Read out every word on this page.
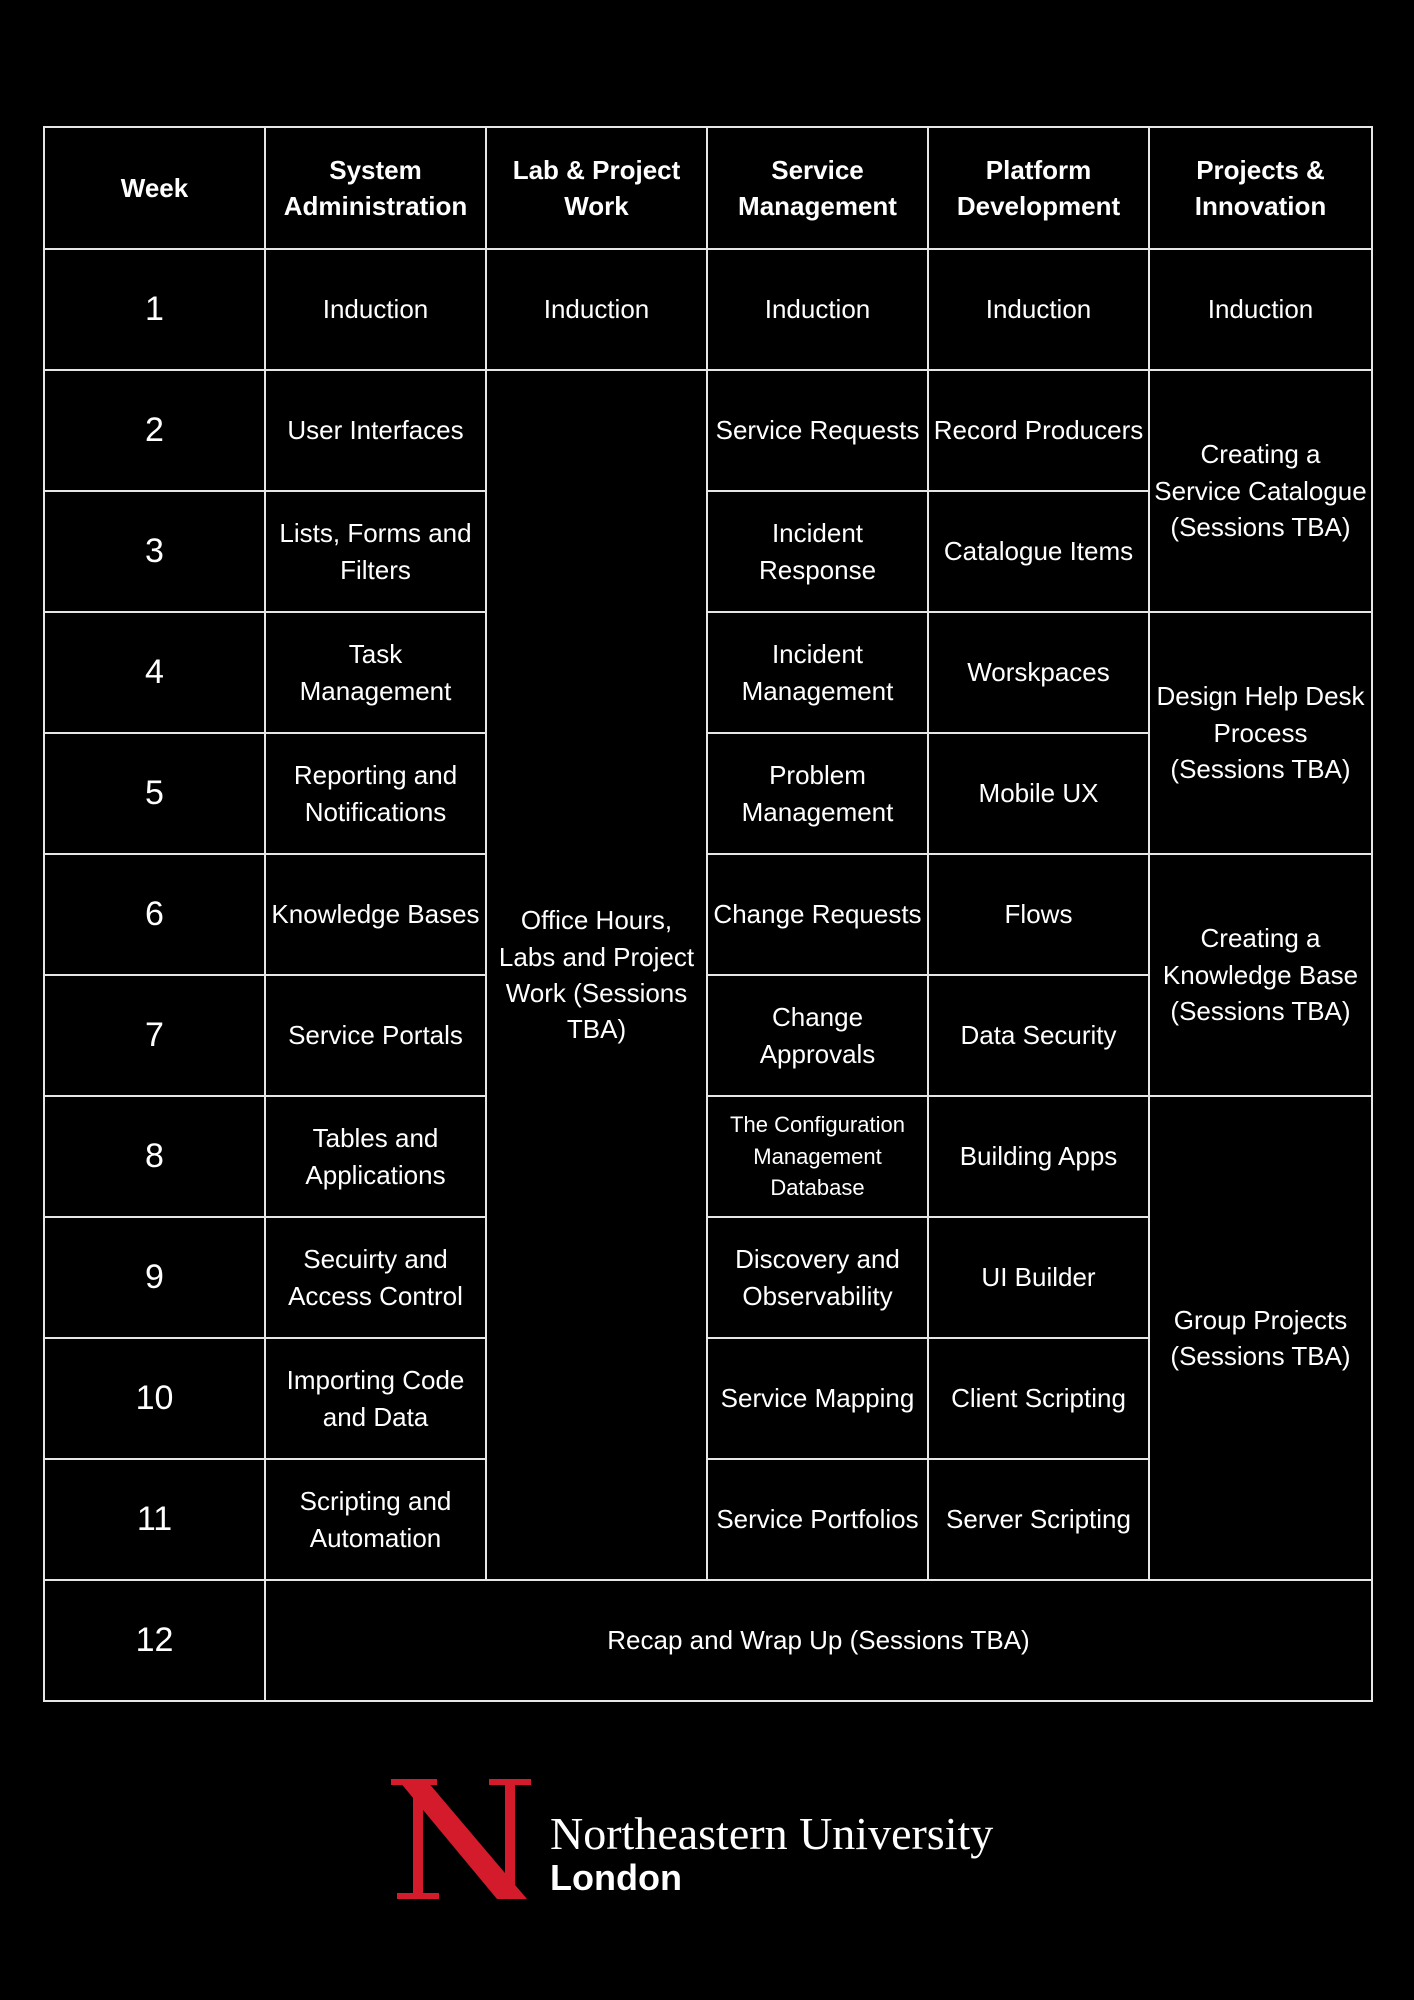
Week	System Administration	Lab & Project Work	Service Management	Platform Development	Projects & Innovation
1	Induction	Induction	Induction	Induction	Induction
2	User Interfaces	Office Hours, Labs and Project Work (Sessions TBA)	Service Requests	Record Producers	Creating a Service Catalogue (Sessions TBA)
3	Lists, Forms and Filters		Incident Response	Catalogue Items	
4	Task Management		Incident Management	Worskpaces	Design Help Desk Process (Sessions TBA)
5	Reporting and Notifications		Problem Management	Mobile UX	
6	Knowledge Bases		Change Requests	Flows	Creating a Knowledge Base (Sessions TBA)
7	Service Portals		Change Approvals	Data Security	
8	Tables and Applications		The Configuration Management Database	Building Apps	Group Projects (Sessions TBA)
9	Secuirty and Access Control		Discovery and Observability	UI Builder	
10	Importing Code and Data		Service Mapping	Client Scripting	
11	Scripting and Automation		Service Portfolios	Server Scripting	
12	Recap and Wrap Up (Sessions TBA)				
Northeastern University
London
